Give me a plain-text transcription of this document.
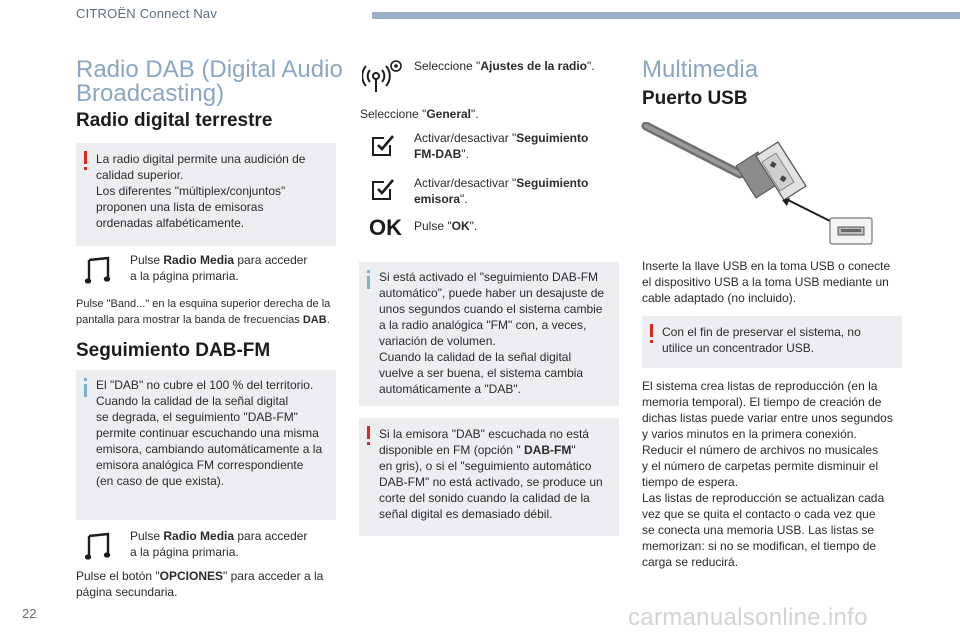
CITROËN Connect Nav
Radio DAB (Digital Audio
Broadcasting)
Radio digital terrestre
La radio digital permite una audición de
calidad superior.
Los diferentes "múltiplex/conjuntos"
proponen una lista de emisoras
ordenadas alfabéticamente.
Pulse Radio Media para acceder
a la página primaria.
Pulse "Band..." en la esquina superior derecha de la
pantalla para mostrar la banda de frecuencias DAB.
Seguimiento DAB-FM
El "DAB" no cubre el 100 % del territorio.
Cuando la calidad de la señal digital
se degrada, el seguimiento "DAB-FM"
permite continuar escuchando una misma
emisora, cambiando automáticamente a la
emisora analógica FM correspondiente
(en caso de que exista).
Pulse Radio Media para acceder
a la página primaria.
Pulse el botón "OPCIONES" para acceder a la
página secundaria.
Seleccione "Ajustes de la radio".
Seleccione "General".
Activar/desactivar "Seguimiento
FM-DAB".
Activar/desactivar "Seguimiento
emisora".
OK Pulse "OK".
Si está activado el "seguimiento DAB-FM
automático", puede haber un desajuste de
unos segundos cuando el sistema cambie
a la radio analógica "FM" con, a veces,
variación de volumen.
Cuando la calidad de la señal digital
vuelve a ser buena, el sistema cambia
automáticamente a "DAB".
Si la emisora "DAB" escuchada no está
disponible en FM (opción " DAB-FM"
en gris), o si el "seguimiento automático
DAB-FM" no está activado, se produce un
corte del sonido cuando la calidad de la
señal digital es demasiado débil.
Multimedia
Puerto USB
Inserte la llave USB en la toma USB o conecte
el dispositivo USB a la toma USB mediante un
cable adaptado (no incluido).
Con el fin de preservar el sistema, no
utilice un concentrador USB.
El sistema crea listas de reproducción (en la
memoria temporal). El tiempo de creación de
dichas listas puede variar entre unos segundos
y varios minutos en la primera conexión.
Reducir el número de archivos no musicales
y el número de carpetas permite disminuir el
tiempo de espera.
Las listas de reproducción se actualizan cada
vez que se quita el contacto o cada vez que
se conecta una memoria USB. Las listas se
memorizan: si no se modifican, el tiempo de
carga se reducirá.
22	carmanualsonline.info
